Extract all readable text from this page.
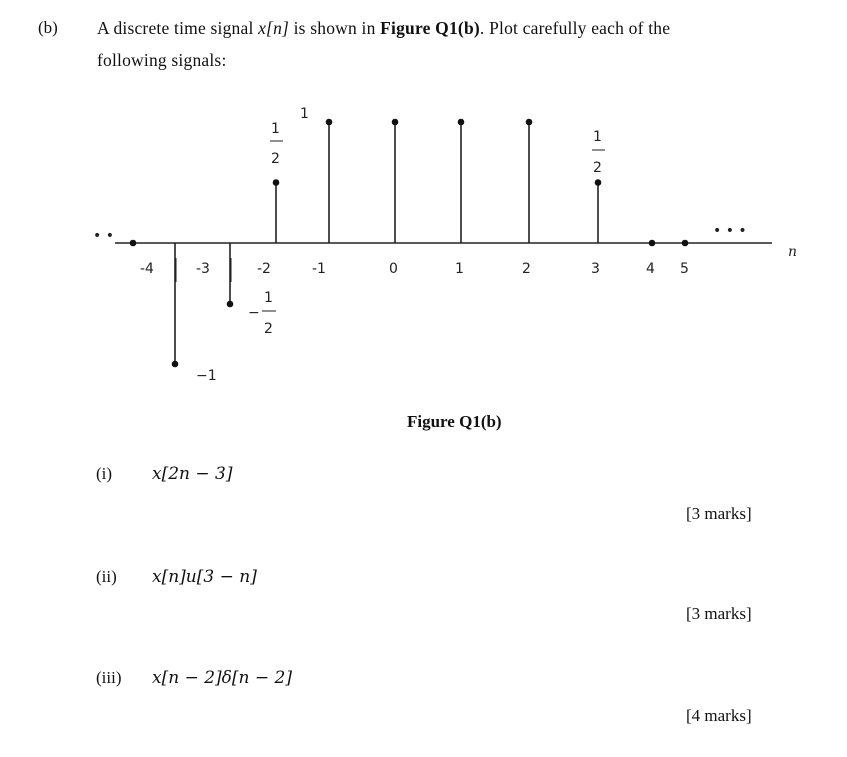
(b) A discrete time signal x[n] is shown in Figure Q1(b). Plot carefully each of the
following signals:
n
• •	• • •
-4	-3	-2	-1	0	1	2	3	4 5
1
1
2
1
2
−
1
2
−1
Figure Q1(b)
(i) x[2n − 3]
[3 marks]
(ii) x[n]u[3 − n]
[3 marks]
(iii) x[n − 2]δ[n − 2]
[4 marks]
